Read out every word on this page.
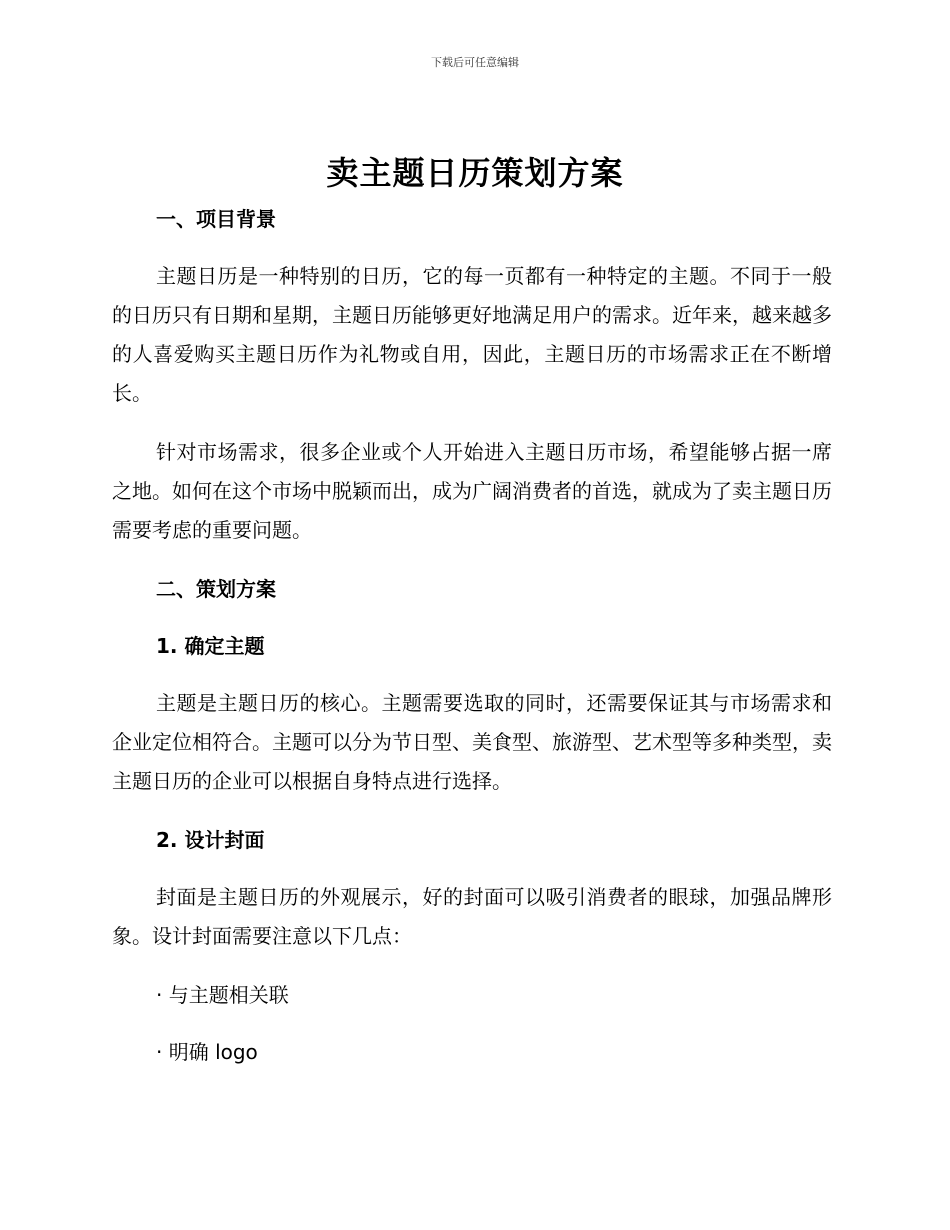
下载后可任意编辑
卖主题日历策划方案

一、项目背景

主题日历是一种特别的日历，它的每一页都有一种特定的主题。不同于一般的日历只有日期和星期，主题日历能够更好地满足用户的需求。近年来，越来越多的人喜爱购买主题日历作为礼物或自用，因此，主题日历的市场需求正在不断增长。

针对市场需求，很多企业或个人开始进入主题日历市场，希望能够占据一席之地。如何在这个市场中脱颖而出，成为广阔消费者的首选，就成为了卖主题日历需要考虑的重要问题。

二、策划方案

1. 确定主题

主题是主题日历的核心。主题需要选取的同时，还需要保证其与市场需求和企业定位相符合。主题可以分为节日型、美食型、旅游型、艺术型等多种类型，卖主题日历的企业可以根据自身特点进行选择。

2. 设计封面

封面是主题日历的外观展示，好的封面可以吸引消费者的眼球，加强品牌形象。设计封面需要注意以下几点：

· 与主题相关联

· 明确 logo
